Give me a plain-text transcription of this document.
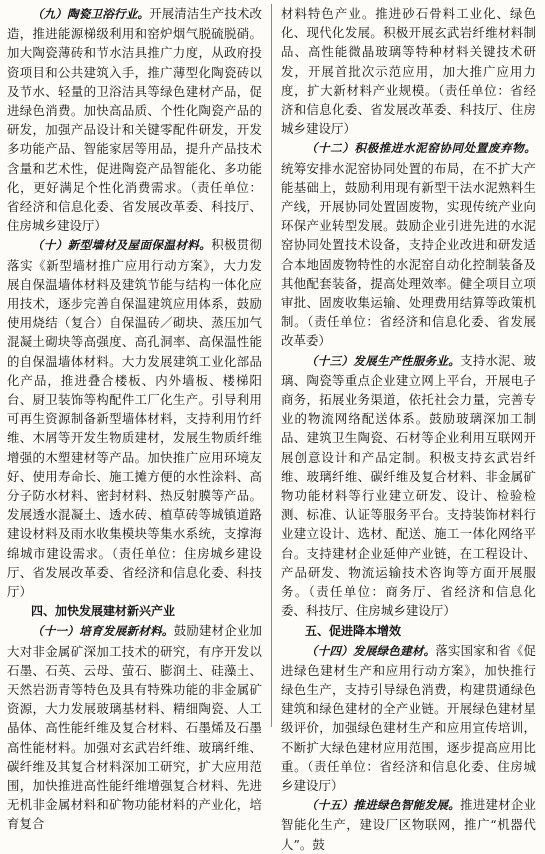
（九）陶瓷卫浴行业。开展清洁生产技术改造，推进能源梯级利用和窑炉烟气脱硫脱硝。加大陶瓷薄砖和节水洁具推广力度，从政府投资项目和公共建筑入手，推广薄型化陶瓷砖以及节水、轻量的卫浴洁具等绿色建材产品，促进绿色消费。加快高品质、个性化陶瓷产品的研发，加强产品设计和关键零配件研发，开发多功能产品、智能家居等用品，提升产品技术含量和艺术性，促进陶瓷产品智能化、多功能化，更好满足个性化消费需求。（责任单位：省经济和信息化委、省发展改革委、科技厅、住房城乡建设厅）

（十）新型墙材及屋面保温材料。积极贯彻落实《新型墙材推广应用行动方案》，大力发展自保温墙体材料及建筑节能与结构一体化应用技术，逐步完善自保温建筑应用体系，鼓励使用烧结（复合）自保温砖／砌块、蒸压加气混凝土砌块等高强度、高孔洞率、高保温性能的自保温墙体材料。大力发展建筑工业化部品化产品，推进叠合楼板、内外墙板、楼梯阳台、厨卫装饰等构配件工厂化生产。引导利用可再生资源制备新型墙体材料，支持利用竹纤维、木屑等开发生物质建材，发展生物质纤维增强的木塑建材等产品。加快推广应用环境友好、使用寿命长、施工摊方便的水性涂料、高分子防水材料、密封材料、热反射膜等产品。发展透水混凝土、透水砖、植草砖等城镇道路建设材料及雨水收集模块等集水系统，支撑海绵城市建设需求。（责任单位：住房城乡建设厅、省发展改革委、省经济和信息化委、科技厅）

四、加快发展建材新兴产业

（十一）培育发展新材料。鼓励建材企业加大对非金属矿深加工技术的研究，有序开发以石墨、石英、云母、萤石、膨润土、硅藻土、天然岩沥青等特色及具有特殊功能的非金属矿资源，大力发展玻璃基材料、精细陶瓷、人工晶体、高性能纤维及复合材料、石墨烯及石墨高性能材料。加强对玄武岩纤维、玻璃纤维、碳纤维及其复合材料深加工研究，扩大应用范围，加快推进高性能纤维增强复合材料、先进无机非金属材料和矿物功能材料的产业化，培育复合

材料特色产业。推进砂石骨料工业化、绿色化、现代化发展。积极开展玄武岩纤维材料制品、高性能微晶玻璃等特种材料关键技术研发，开展首批次示范应用，加大推广应用力度，扩大新材料产业规模。（责任单位：省经济和信息化委、省发展改革委、科技厅、住房城乡建设厅）

（十二）积极推进水泥窑协同处置废弃物。统筹安排水泥窑协同处置的布局，在不扩大产能基础上，鼓励利用现有新型干法水泥熟料生产线，开展协同处置固废物，实现传统产业向环保产业转型发展。鼓励企业引进先进的水泥窑协同处置技术设备，支持企业改进和研发适合本地固废物特性的水泥窑自动化控制装备及其他配套装备，提高处理效率。健全项目立项审批、固废收集运输、处理费用结算等政策机制。（责任单位：省经济和信息化委、省发展改革委）

（十三）发展生产性服务业。支持水泥、玻璃、陶瓷等重点企业建立网上平台，开展电子商务，拓展业务渠道，依托社会力量，完善专业的物流网络配送体系。鼓励玻璃深加工制品、建筑卫生陶瓷、石材等企业利用互联网开展创意设计和产品定制。积极支持玄武岩纤维、玻璃纤维、碳纤维及复合材料、非金属矿物功能材料等行业建立研发、设计、检验检测、标准、认证等服务平台。支持装饰材料行业建立设计、选材、配送、施工一体化网络平台。支持建材企业延伸产业链，在工程设计、产品研发、物流运输技术咨询等方面开展服务。（责任单位：商务厅、省经济和信息化委、科技厅、住房城乡建设厅）

五、促进降本增效

（十四）发展绿色建材。落实国家和省《促进绿色建材生产和应用行动方案》，加快推行绿色生产，支持引导绿色消费，构建贯通绿色建筑和绿色建材的全产业链。开展绿色建材星级评价，加强绿色建材生产和应用宣传培训，不断扩大绿色建材应用范围，逐步提高应用比重。（责任单位：省经济和信息化委、住房城乡建设厅）

（十五）推进绿色智能发展。推进建材企业智能化生产，建设厂区物联网，推广“机器代人”。鼓
